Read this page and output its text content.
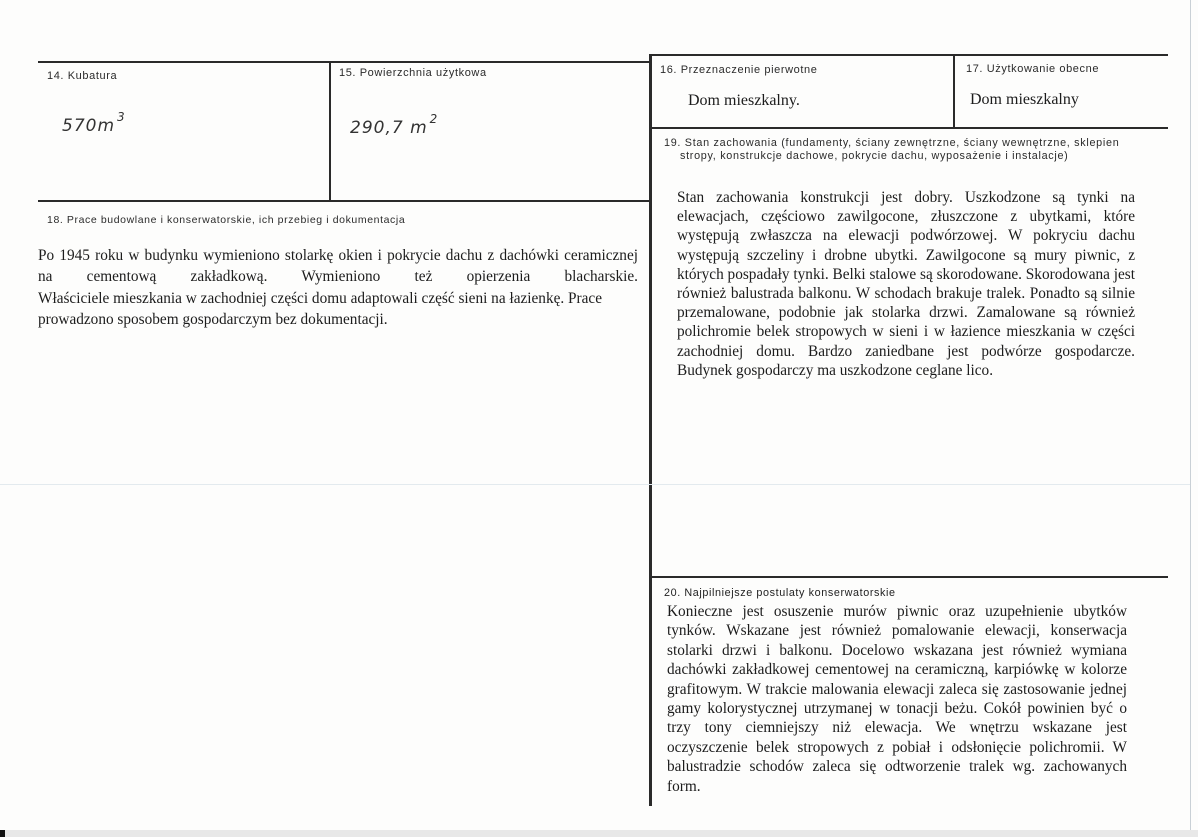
14. Kubatura
570m $^3$
15. Powierzchnia użytkowa
290,7 m $^2$
16. Przeznaczenie pierwotne
Dom mieszkalny.
17. Użytkowanie obecne
Dom mieszkalny
18. Prace budowlane i konserwatorskie, ich przebieg i dokumentacja

Po 1945 roku w budynku wymieniono stolarkę okien i pokrycie dachu z dachówki ceramicznej na cementową zakładkową. Wymieniono też opierzenia blacharskie.

Właściciele mieszkania w zachodniej części domu adaptowali część sieni na łazienkę. Prace prowadzono sposobem gospodarczym bez dokumentacji.

19. Stan zachowania (fundamenty, ściany zewnętrzne, ściany wewnętrzne, sklepien
stropy, konstrukcje dachowe, pokrycie dachu, wyposażenie i instalacje)
Stan zachowania konstrukcji jest dobry. Uszkodzone są tynki na elewacjach, częściowo zawilgocone, złuszczone z ubytkami, które występują zwłaszcza na elewacji podwórzowej. W pokryciu dachu występują szczeliny i drobne ubytki. Zawilgocone są mury piwnic, z których pospadały tynki. Belki stalowe są skorodowane. Skorodowana jest również balustrada balkonu. W schodach brakuje tralek. Ponadto są silnie przemalowane, podobnie jak stolarka drzwi. Zamalowane są również polichromie belek stropowych w sieni i w łazience mieszkania w części zachodniej domu. Bardzo zaniedbane jest podwórze gospodarcze. Budynek gospodarczy ma uszkodzone ceglane lico.
20. Najpilniejsze postulaty konserwatorskie
Konieczne jest osuszenie murów piwnic oraz uzupełnienie ubytków tynków. Wskazane jest również pomalowanie elewacji, konserwacja stolarki drzwi i balkonu. Docelowo wskazana jest również wymiana dachówki zakładkowej cementowej na ceramiczną, karpiówkę w kolorze grafitowym. W trakcie malowania elewacji zaleca się zastosowanie jednej gamy kolorystycznej utrzymanej w tonacji beżu. Cokół powinien być o trzy tony ciemniejszy niż elewacja. We wnętrzu wskazane jest oczyszczenie belek stropowych z pobiał i odsłonięcie polichromii. W balustradzie schodów zaleca się odtworzenie tralek wg. zachowanych form.
